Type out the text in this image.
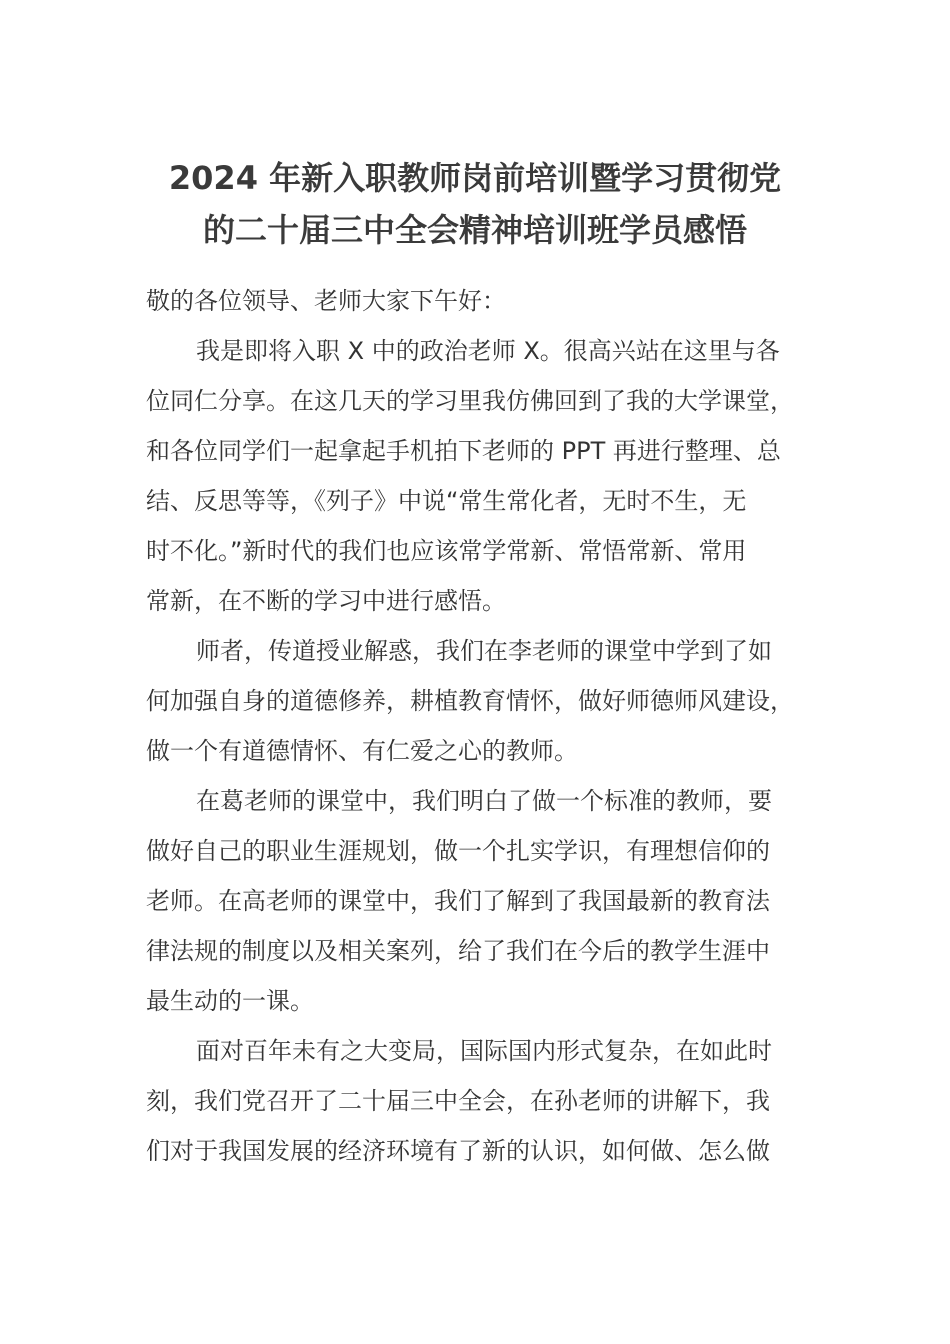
2024 年新入职教师岗前培训暨学习贯彻党
的二十届三中全会精神培训班学员感悟
敬的各位领导、老师大家下午好：
我是即将入职 X 中的政治老师 X。很高兴站在这里与各
位同仁分享。在这几天的学习里我仿佛回到了我的大学课堂，
和各位同学们一起拿起手机拍下老师的 PPT 再进行整理、总
结、反思等等，《列子》中说“常生常化者，无时不生，无
时不化。”新时代的我们也应该常学常新、常悟常新、常用
常新，在不断的学习中进行感悟。
师者，传道授业解惑，我们在李老师的课堂中学到了如
何加强自身的道德修养，耕植教育情怀，做好师德师风建设，
做一个有道德情怀、有仁爱之心的教师。
在葛老师的课堂中，我们明白了做一个标准的教师，要
做好自己的职业生涯规划，做一个扎实学识，有理想信仰的
老师。在高老师的课堂中，我们了解到了我国最新的教育法
律法规的制度以及相关案列，给了我们在今后的教学生涯中
最生动的一课。
面对百年未有之大变局，国际国内形式复杂，在如此时
刻，我们党召开了二十届三中全会，在孙老师的讲解下，我
们对于我国发展的经济环境有了新的认识，如何做、怎么做
